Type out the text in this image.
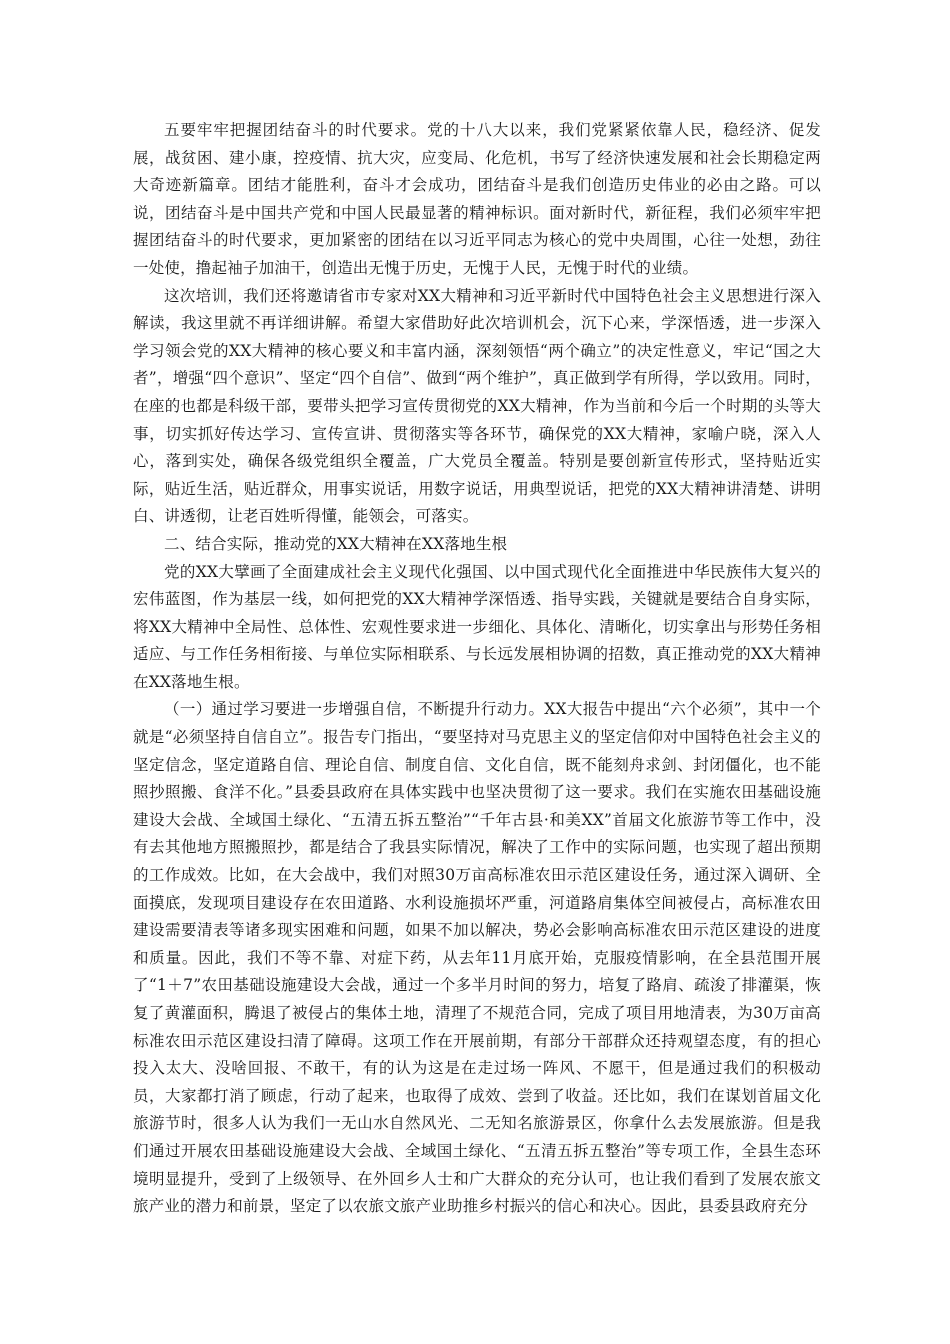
五要牢牢把握团结奋斗的时代要求。党的十八大以来，我们党紧紧依靠人民，稳经济、促发展，战贫困、建小康，控疫情、抗大灾，应变局、化危机，书写了经济快速发展和社会长期稳定两大奇迹新篇章。团结才能胜利，奋斗才会成功，团结奋斗是我们创造历史伟业的必由之路。可以说，团结奋斗是中国共产党和中国人民最显著的精神标识。面对新时代，新征程，我们必须牢牢把握团结奋斗的时代要求，更加紧密的团结在以习近平同志为核心的党中央周围，心往一处想，劲往一处使，撸起袖子加油干，创造出无愧于历史，无愧于人民，无愧于时代的业绩。

这次培训，我们还将邀请省市专家对XX大精神和习近平新时代中国特色社会主义思想进行深入解读，我这里就不再详细讲解。希望大家借助好此次培训机会，沉下心来，学深悟透，进一步深入学习领会党的XX大精神的核心要义和丰富内涵，深刻领悟“两个确立”的决定性意义，牢记“国之大者”，增强“四个意识”、坚定“四个自信”、做到“两个维护”，真正做到学有所得，学以致用。同时，在座的也都是科级干部，要带头把学习宣传贯彻党的XX大精神，作为当前和今后一个时期的头等大事，切实抓好传达学习、宣传宣讲、贯彻落实等各环节，确保党的XX大精神，家喻户晓，深入人心，落到实处，确保各级党组织全覆盖，广大党员全覆盖。特别是要创新宣传形式，坚持贴近实际，贴近生活，贴近群众，用事实说话，用数字说话，用典型说话，把党的XX大精神讲清楚、讲明白、讲透彻，让老百姓听得懂，能领会，可落实。

二、结合实际，推动党的XX大精神在XX落地生根

党的XX大擘画了全面建成社会主义现代化强国、以中国式现代化全面推进中华民族伟大复兴的宏伟蓝图，作为基层一线，如何把党的XX大精神学深悟透、指导实践，关键就是要结合自身实际，将XX大精神中全局性、总体性、宏观性要求进一步细化、具体化、清晰化，切实拿出与形势任务相适应、与工作任务相衔接、与单位实际相联系、与长远发展相协调的招数，真正推动党的XX大精神在XX落地生根。

（一）通过学习要进一步增强自信，不断提升行动力。XX大报告中提出“六个必须”，其中一个就是“必须坚持自信自立”。报告专门指出，“要坚持对马克思主义的坚定信仰对中国特色社会主义的坚定信念，坚定道路自信、理论自信、制度自信、文化自信，既不能刻舟求剑、封闭僵化，也不能照抄照搬、食洋不化。”县委县政府在具体实践中也坚决贯彻了这一要求。我们在实施农田基础设施建设大会战、全域国土绿化、“五清五拆五整治”“千年古县·和美XX”首届文化旅游节等工作中，没有去其他地方照搬照抄，都是结合了我县实际情况，解决了工作中的实际问题，也实现了超出预期的工作成效。比如，在大会战中，我们对照30万亩高标准农田示范区建设任务，通过深入调研、全面摸底，发现项目建设存在农田道路、水利设施损坏严重，河道路肩集体空间被侵占，高标准农田建设需要清表等诸多现实困难和问题，如果不加以解决，势必会影响高标准农田示范区建设的进度和质量。因此，我们不等不靠、对症下药，从去年11月底开始，克服疫情影响，在全县范围开展了“1＋7”农田基础设施建设大会战，通过一个多半月时间的努力，培复了路肩、疏浚了排灌渠，恢复了黄灌面积，腾退了被侵占的集体土地，清理了不规范合同，完成了项目用地清表，为30万亩高标准农田示范区建设扫清了障碍。这项工作在开展前期，有部分干部群众还持观望态度，有的担心投入太大、没啥回报、不敢干，有的认为这是在走过场一阵风、不愿干，但是通过我们的积极动员，大家都打消了顾虑，行动了起来，也取得了成效、尝到了收益。还比如，我们在谋划首届文化旅游节时，很多人认为我们一无山水自然风光、二无知名旅游景区，你拿什么去发展旅游。但是我们通过开展农田基础设施建设大会战、全域国土绿化、“五清五拆五整治”等专项工作，全县生态环境明显提升，受到了上级领导、在外回乡人士和广大群众的充分认可，也让我们看到了发展农旅文旅产业的潜力和前景，坚定了以农旅文旅产业助推乡村振兴的信心和决心。因此，县委县政府充分
